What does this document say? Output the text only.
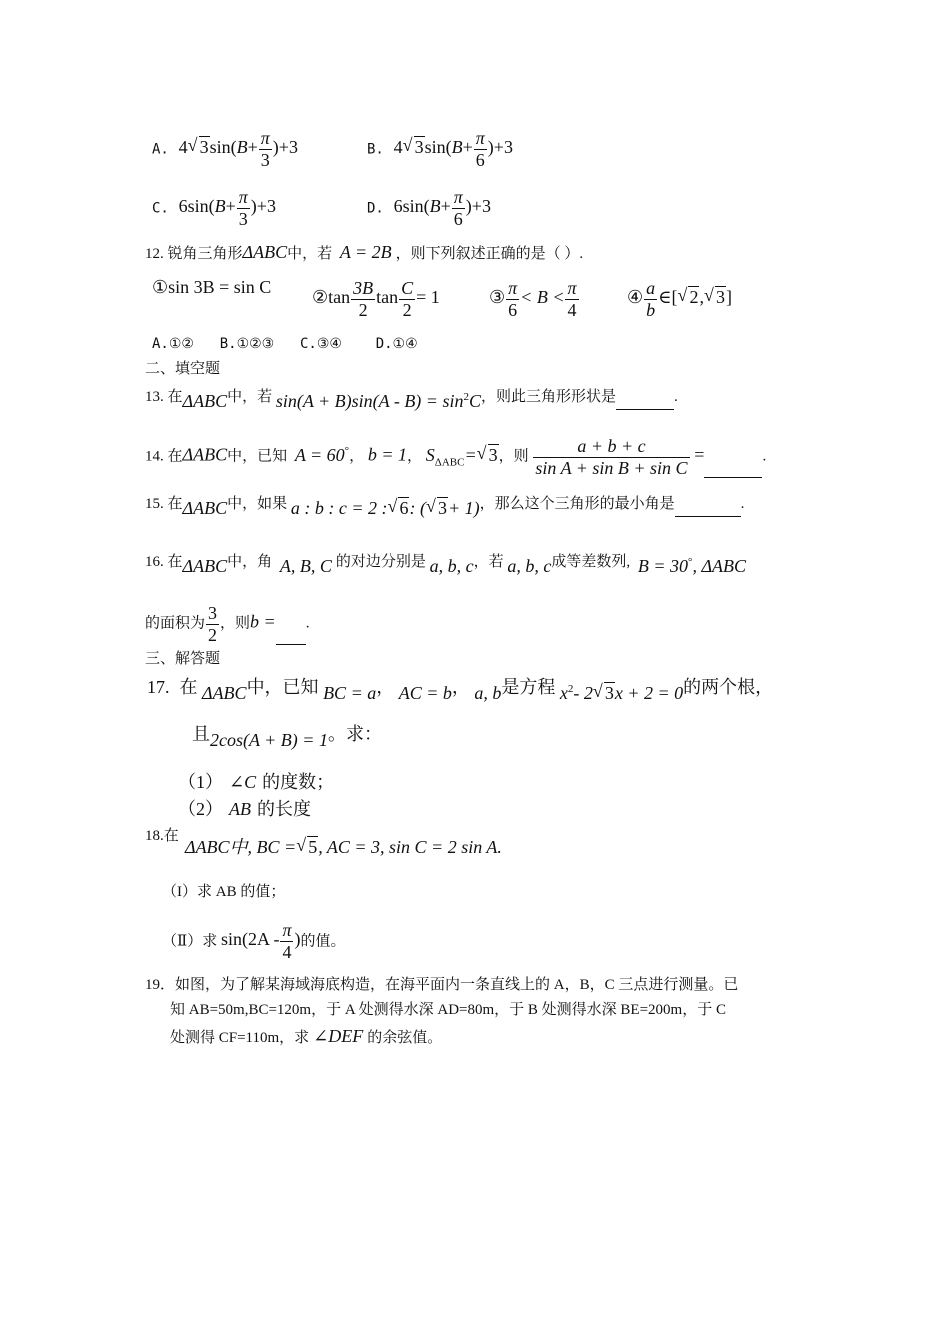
A. 4√ $3\sin(B+ \frac{\pi}{3} )+3$	B. 4√ $3\sin(B+ \frac{\pi}{6} )+3$
C. $6\sin(B+ \frac{\pi}{3} )+3$	D. $6\sin(B+ \frac{\pi}{6} )+3$
12. 锐角三角形ΔABC中，若 A = 2B ，则下列叙述正确的是（ ）.
①sin 3B = sin C
②tan $\frac{3B}{2}$ $\tan \frac{C}{2} = 1$	③ $\frac{\pi}{6} < B < \frac{\pi}{4}$	④ $\frac{a}{b}$ ∈[√ 2,√ 3]
A.①② B.①②③ C.③④ D.①④
二、填空题
13. 在ΔABC中，若 $\sin(A + B)\sin(A - B) = \sin^2C$，则此三角形形状是	.
14. 在ΔABC中，已知 A = 60°， b = 1， $S_{\Delta ABC}=√$ 3，则 $\frac{a + b + c}{\text{sin A + sin B + sin C}}$ =	.
15. 在ΔABC中，如果 a : b : c = 2 :√ 6: (√ 3+ 1)，那么这个三角形的最小角是	.
16. 在ΔABC中，角 A, B, C 的对边分别是 a, b, c，若 a, b, c成等差数列, B = 30°, ΔABC
的面积为 $\frac{3}{2}$ ，则b = .
三、解答题
17. 在 ΔABC中，已知 BC = a， AC = b， a, b是方程 $x^2-$ 2√ 3x + 2 = 0的两个根，
且2cos(A + B) = 1。求：
（1） ∠C 的度数；
（2） AB 的长度
18.在
ΔABC中, BC =√ 5, AC = 3, sin C = 2 sin A.
（I）求 AB 的值；
（Ⅱ）求 $\sin(2A - \frac{\pi}{4}$ )的值。
19．如图，为了解某海域海底构造，在海平面内一条直线上的 A，B，C 三点进行测量。已
知 AB=50m,BC=120m，于 A 处测得水深 AD=80m，于 B 处测得水深 BE=200m，于 C
处测得 CF=110m，求 ∠DEF 的余弦值。
